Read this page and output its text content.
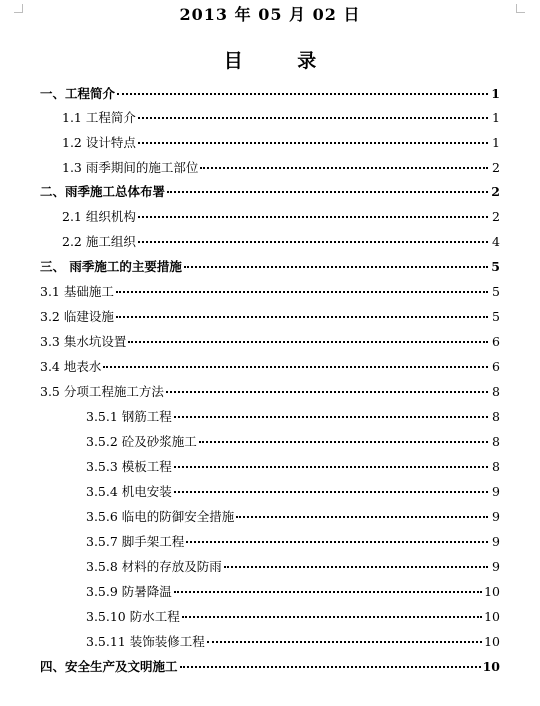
2013 年 05 月 02 日
目 录
一、工程简介	1
1.1 工程简介	1
1.2 设计特点	1
1.3 雨季期间的施工部位	2
二、雨季施工总体布署	2
2.1 组织机构	2
2.2 施工组织	4
三、 雨季施工的主要措施	5
3.1 基础施工	5
3.2 临建设施	5
3.3 集水坑设置	6
3.4 地表水	6
3.5 分项工程施工方法	8
3.5.1 钢筋工程	8
3.5.2 砼及砂浆施工	8
3.5.3 模板工程	8
3.5.4 机电安装	9
3.5.6 临电的防御安全措施	9
3.5.7 脚手架工程	9
3.5.8 材料的存放及防雨	9
3.5.9 防暑降温	10
3.5.10 防水工程	10
3.5.11 装饰装修工程	10
四、安全生产及文明施工	10
